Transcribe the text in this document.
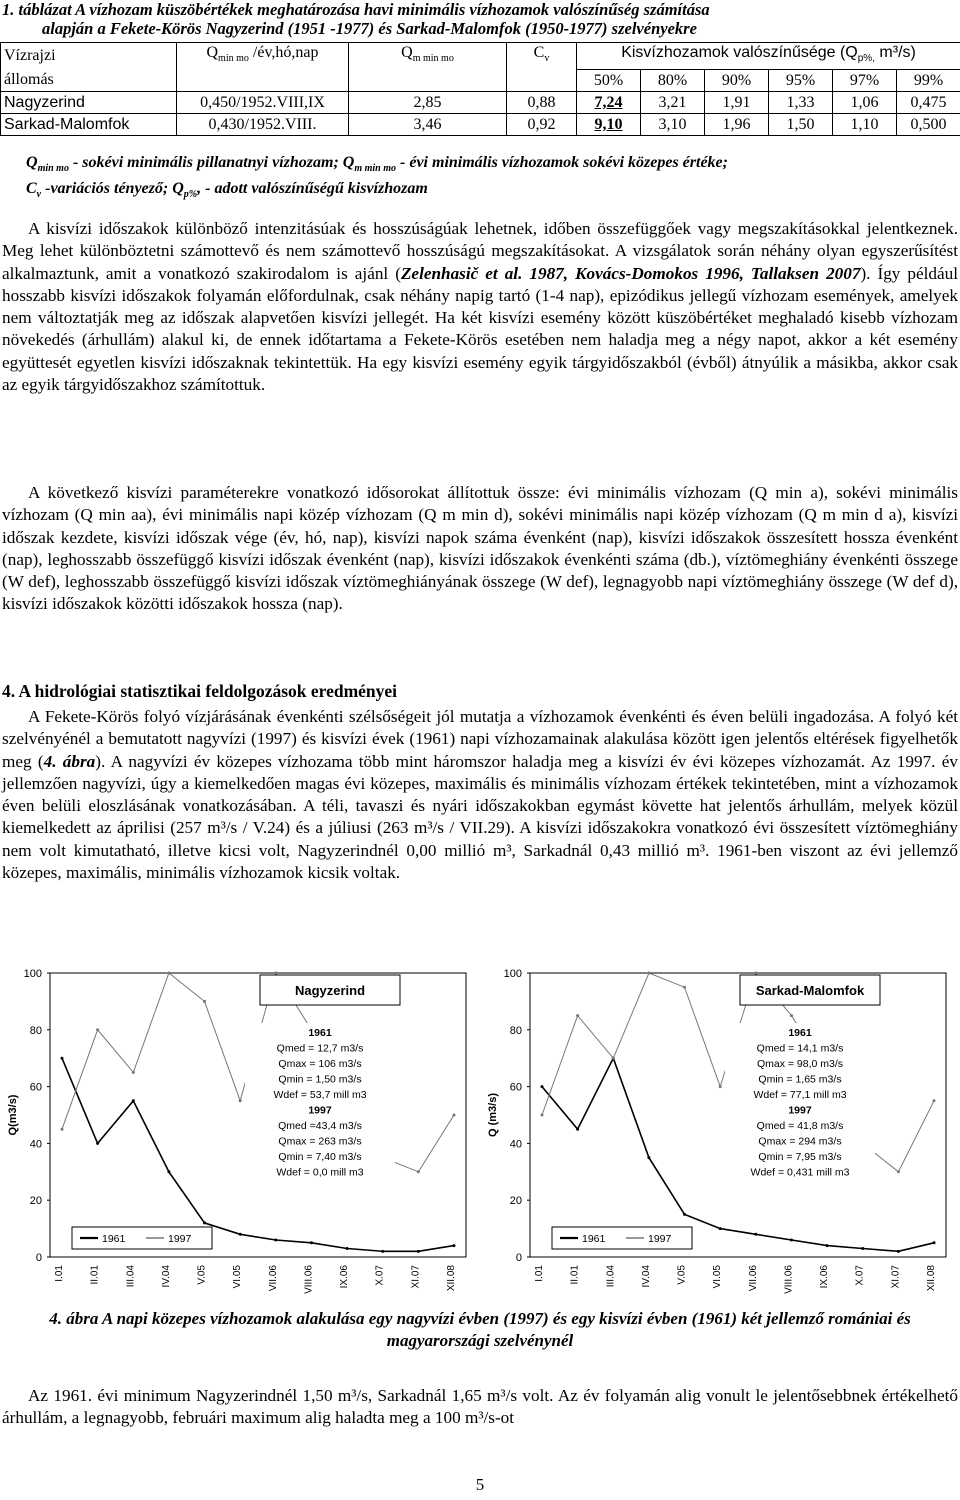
1. táblázat A vízhozam küszöbértékek meghatározása havi minimális vízhozamok valószínűség számítása
alapján a Fekete-Körös Nagyzerind (1951 -1977) és Sarkad-Malomfok (1950-1977) szelvényekre
Vízrajzi	$Q_{min mo}$ /év,hó,nap	$Q_{m min mo}$	$C_v$	Kisvízhozamok valószínűsége ($Q_{p\%,}$ m³/s)					
állomás				50%	80%	90%	95%	97%	99%
Nagyzerind	0,450/1952.VIII,IX	2,85	0,88	7,24	3,21	1,91	1,33	1,06	0,475
Sarkad-Malomfok	0,430/1952.VIII.	3,46	0,92	9,10	3,10	1,96	1,50	1,10	0,500
$Q_{min mo}$ - sokévi minimális pillanatnyi vízhozam; $Q_{m min mo}$ - évi minimális vízhozamok sokévi közepes értéke;
$C_v$ -variációs tényező; $Q_{p\%}$, - adott valószínűségű kisvízhozam
A kisvízi időszakok különböző intenzitásúak és hosszúságúak lehetnek, időben összefüggőek vagy megszakításokkal jelentkeznek. Meg lehet különböztetni számottevő és nem számottevő hosszúságú megszakításokat. A vizsgálatok során néhány olyan egyszerűsítést alkalmaztunk, amit a vonatkozó szakirodalom is ajánl (Zelenhasič et al. 1987, Kovács-Domokos 1996, Tallaksen 2007). Így például hosszabb kisvízi időszakok folyamán előfordulnak, csak néhány napig tartó (1-4 nap), epizódikus jellegű vízhozam események, amelyek nem változtatják meg az időszak alapvetően kisvízi jellegét. Ha két kisvízi esemény között küszöbértéket meghaladó kisebb vízhozam növekedés (árhullám) alakul ki, de ennek időtartama a Fekete-Körös esetében nem haladja meg a négy napot, akkor a két esemény együttesét egyetlen kisvízi időszaknak tekintettük. Ha egy kisvízi esemény egyik tárgyidőszakból (évből) átnyúlik a másikba, akkor csak az egyik tárgyidőszakhoz számítottuk.
A következő kisvízi paraméterekre vonatkozó idősorokat állítottuk össze: évi minimális vízhozam (Q min a), sokévi minimális vízhozam (Q min aa), évi minimális napi közép vízhozam (Q m min d), sokévi minimális napi közép vízhozam (Q m min d a), kisvízi időszak kezdete, kisvízi időszak vége (év, hó, nap), kisvízi napok száma évenként (nap), kisvízi időszakok összesített hossza évenként (nap), leghosszabb összefüggő kisvízi időszak évenként (nap), kisvízi időszakok évenkénti száma (db.), víztömeghiány évenkénti összege (W def), leghosszabb összefüggő kisvízi időszak víztömeghiányának összege (W def), legnagyobb napi víztömeghiány összege (W def d), kisvízi időszakok közötti időszakok hossza (nap).
4. A hidrológiai statisztikai feldolgozások eredményei
A Fekete-Körös folyó vízjárásának évenkénti szélsőségeit jól mutatja a vízhozamok évenkénti és éven belüli ingadozása. A folyó két szelvényénél a bemutatott nagyvízi (1997) és kisvízi évek (1961) napi vízhozamainak alakulása között igen jelentős eltérések figyelhetők meg (4. ábra). A nagyvízi év közepes vízhozama több mint háromszor haladja meg a kisvízi év évi közepes vízhozamát. Az 1997. év jellemzően nagyvízi, úgy a kiemelkedően magas évi közepes, maximális és minimális vízhozam értékek tekintetében, mint a vízhozamok éven belüli eloszlásának vonatkozásában. A téli, tavaszi és nyári időszakokban egymást követte hat jelentős árhullám, melyek közül kiemelkedett az áprilisi (257 m³/s / V.24) és a júliusi (263 m³/s / VII.29). A kisvízi időszakokra vonatkozó évi összesített víztömeghiány nem volt kimutatható, illetve kicsi volt, Nagyzerindnél 0,00 millió m³, Sarkadnál 0,43 millió m³. 1961-ben viszont az évi jellemző közepes, maximális, minimális vízhozamok kicsik voltak.
0
20
40
60
80
100
Q(m3/s)
I.01 II.01 III.04 IV.04 V.05 VI.05 VII.06 VIII.06 IX.06 X.07 XI.07 XII.08
Nagyzerind
1961
Qmed = 12,7 m3/s
Qmax = 106 m3/s
Qmin = 1,50 m3/s
Wdef = 53,7 mill m3
1997
Qmed =43,4 m3/s
Qmax = 263 m3/s
Qmin = 7,40 m3/s
Wdef = 0,0 mill m3
1961	1997
0
20
40
60
80
100
Q (m3/s)
I.01 II.01 III.04 IV.04 V.05 VI.05 VII.06 VIII.06 IX.06 X.07 XI.07 XII.08
Sarkad-Malomfok
1961
Qmed = 14,1 m3/s
Qmax = 98,0 m3/s
Qmin = 1,65 m3/s
Wdef = 77,1 mill m3
1997
Qmed = 41,8 m3/s
Qmax = 294 m3/s
Qmin = 7,95 m3/s
Wdef = 0,431 mill m3
1961	1997
4. ábra A napi közepes vízhozamok alakulása egy nagyvízi évben (1997) és egy kisvízi évben (1961) két jellemző romániai és magyarországi szelvénynél
Az 1961. évi minimum Nagyzerindnél 1,50 m³/s, Sarkadnál 1,65 m³/s volt. Az év folyamán alig vonult le jelentősebbnek értékelhető árhullám, a legnagyobb, februári maximum alig haladta meg a 100 m³/s-ot
5
